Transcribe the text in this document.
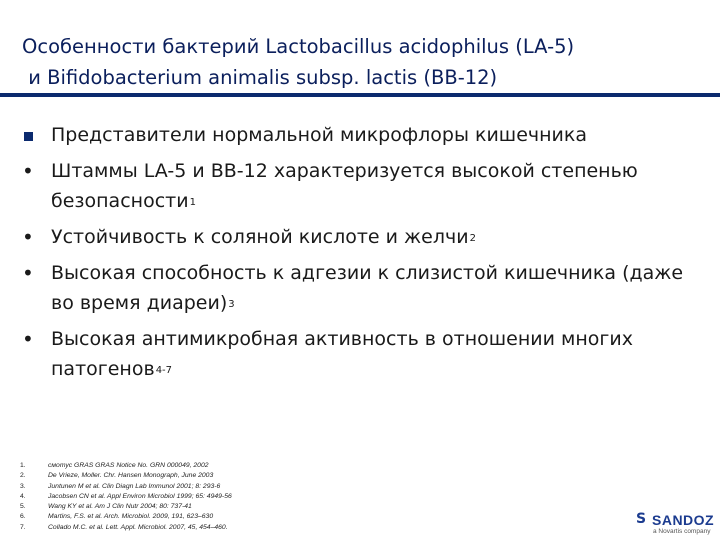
Особенности бактерий Lactobacillus acidophilus (LA-5)
и Bifidobacterium animalis subsp. lactis (BB-12)
Представители нормальной микрофлоры кишечника
• Штаммы LA-5 и BB-12 характеризуется высокой степенью безопасности$^1$
• Устойчивость к соляной кислоте и желчи$^2$
• Высокая способность к адгезии к слизистой кишечника (даже во время диареи)$^3$
• Высокая антимикробная активность в отношении многих патогенов$^{4-7}$
1.	смотус GRAS GRAS Notice No. GRN 000049, 2002
2.	De Vrieze, Moller. Chr. Hansen Monograph, June 2003
3.	Juntunen M et al. Clin Diagn Lab Immunol 2001; 8: 293-6
4.	Jacobsen CN et al. Appl Environ Microbiol 1999; 65: 4949-56
5.	Wang KY et al. Am J Clin Nutr 2004; 80: 737-41
6.	Martins, F.S. et al. Arch. Microbiol. 2009, 191, 623–630
7.	Collado M.C. et al. Lett. Appl. Microbiol. 2007, 45, 454–460.
S SANDOZ
a Novartis company
